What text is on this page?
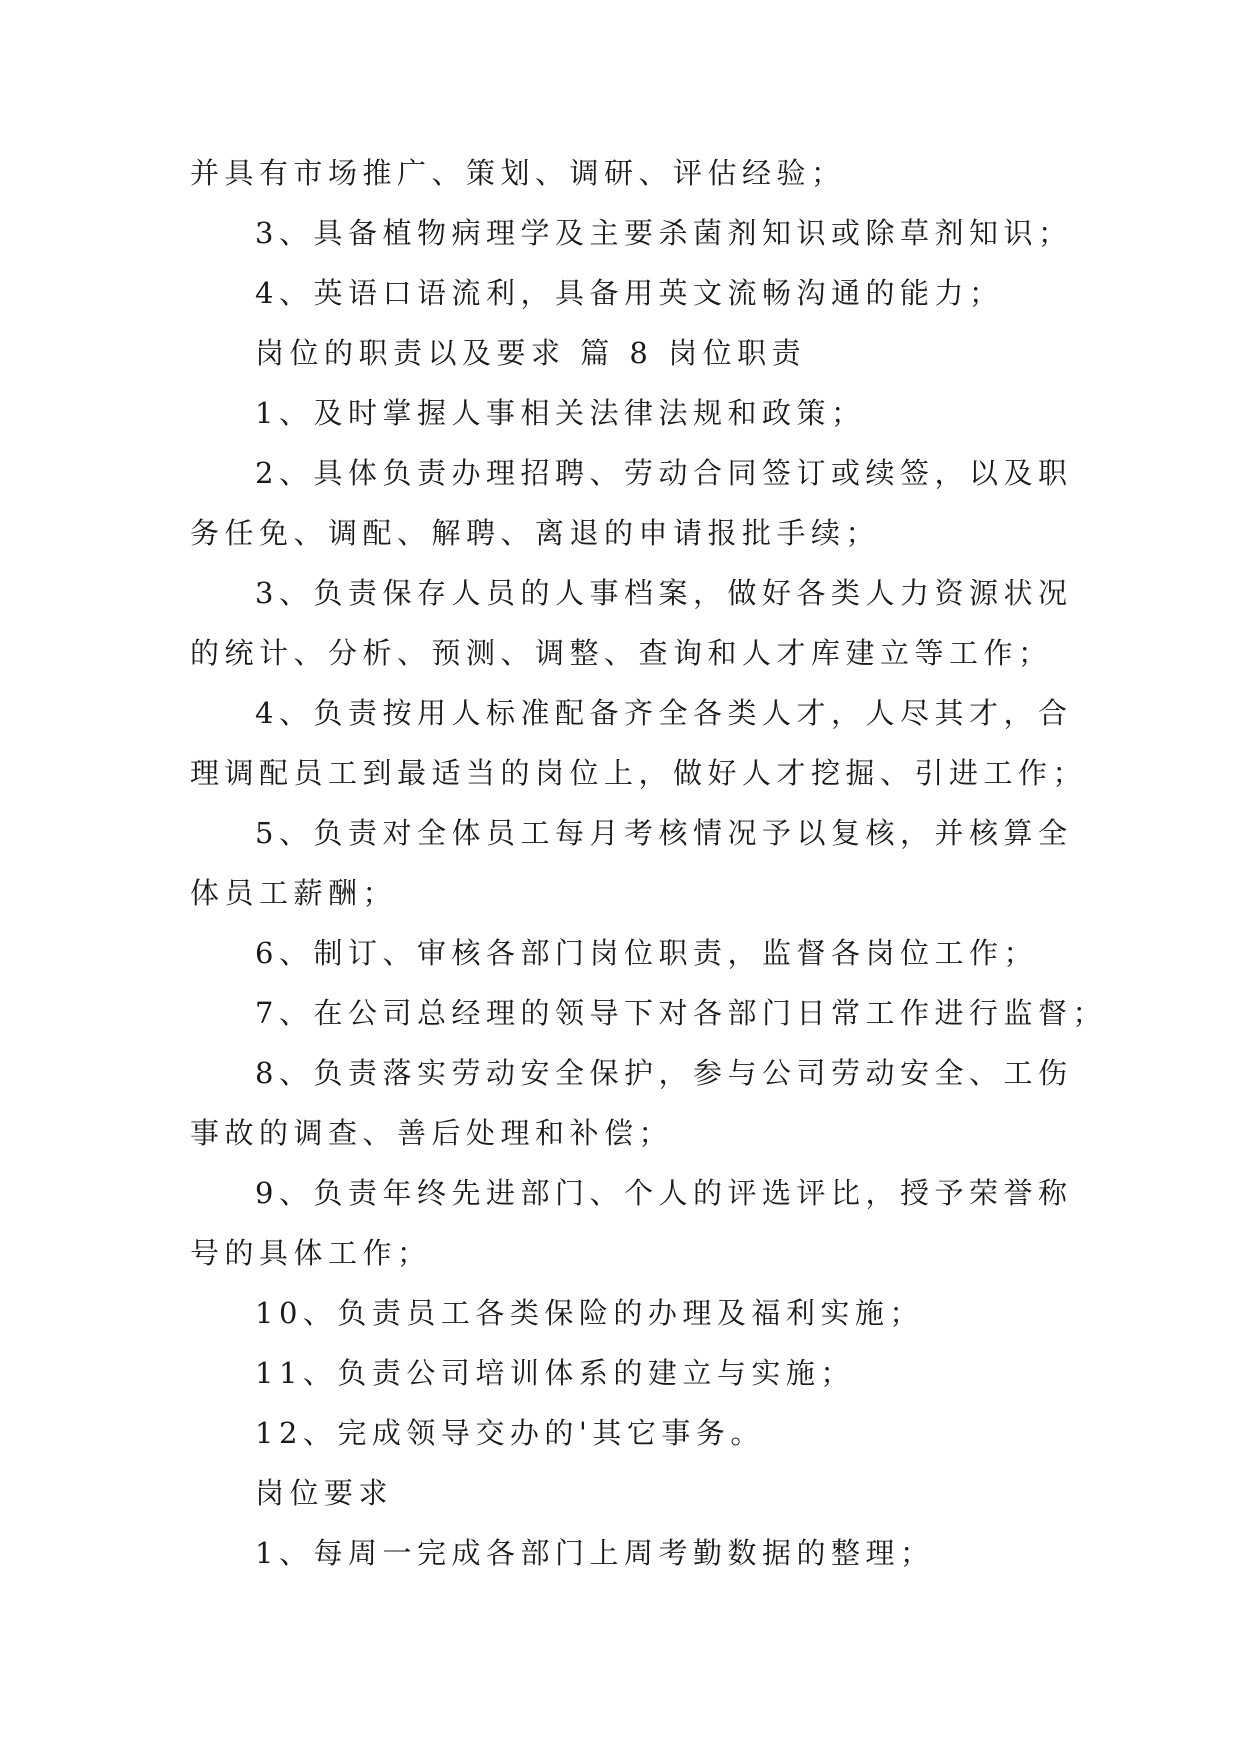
并具有市场推广、策划、调研、评估经验；
3、具备植物病理学及主要杀菌剂知识或除草剂知识；
4、英语口语流利，具备用英文流畅沟通的能力；
岗位的职责以及要求 篇 8 岗位职责
1、及时掌握人事相关法律法规和政策；
2、具体负责办理招聘、劳动合同签订或续签，以及职
务任免、调配、解聘、离退的申请报批手续；
3、负责保存人员的人事档案，做好各类人力资源状况
的统计、分析、预测、调整、查询和人才库建立等工作；
4、负责按用人标准配备齐全各类人才，人尽其才，合
理调配员工到最适当的岗位上，做好人才挖掘、引进工作；
5、负责对全体员工每月考核情况予以复核，并核算全
体员工薪酬；
6、制订、审核各部门岗位职责，监督各岗位工作；
7、在公司总经理的领导下对各部门日常工作进行监督；
8、负责落实劳动安全保护，参与公司劳动安全、工伤
事故的调查、善后处理和补偿；
9、负责年终先进部门、个人的评选评比，授予荣誉称
号的具体工作；
10、负责员工各类保险的办理及福利实施；
11、负责公司培训体系的建立与实施；
12、完成领导交办的'其它事务。
岗位要求
1、每周一完成各部门上周考勤数据的整理；
